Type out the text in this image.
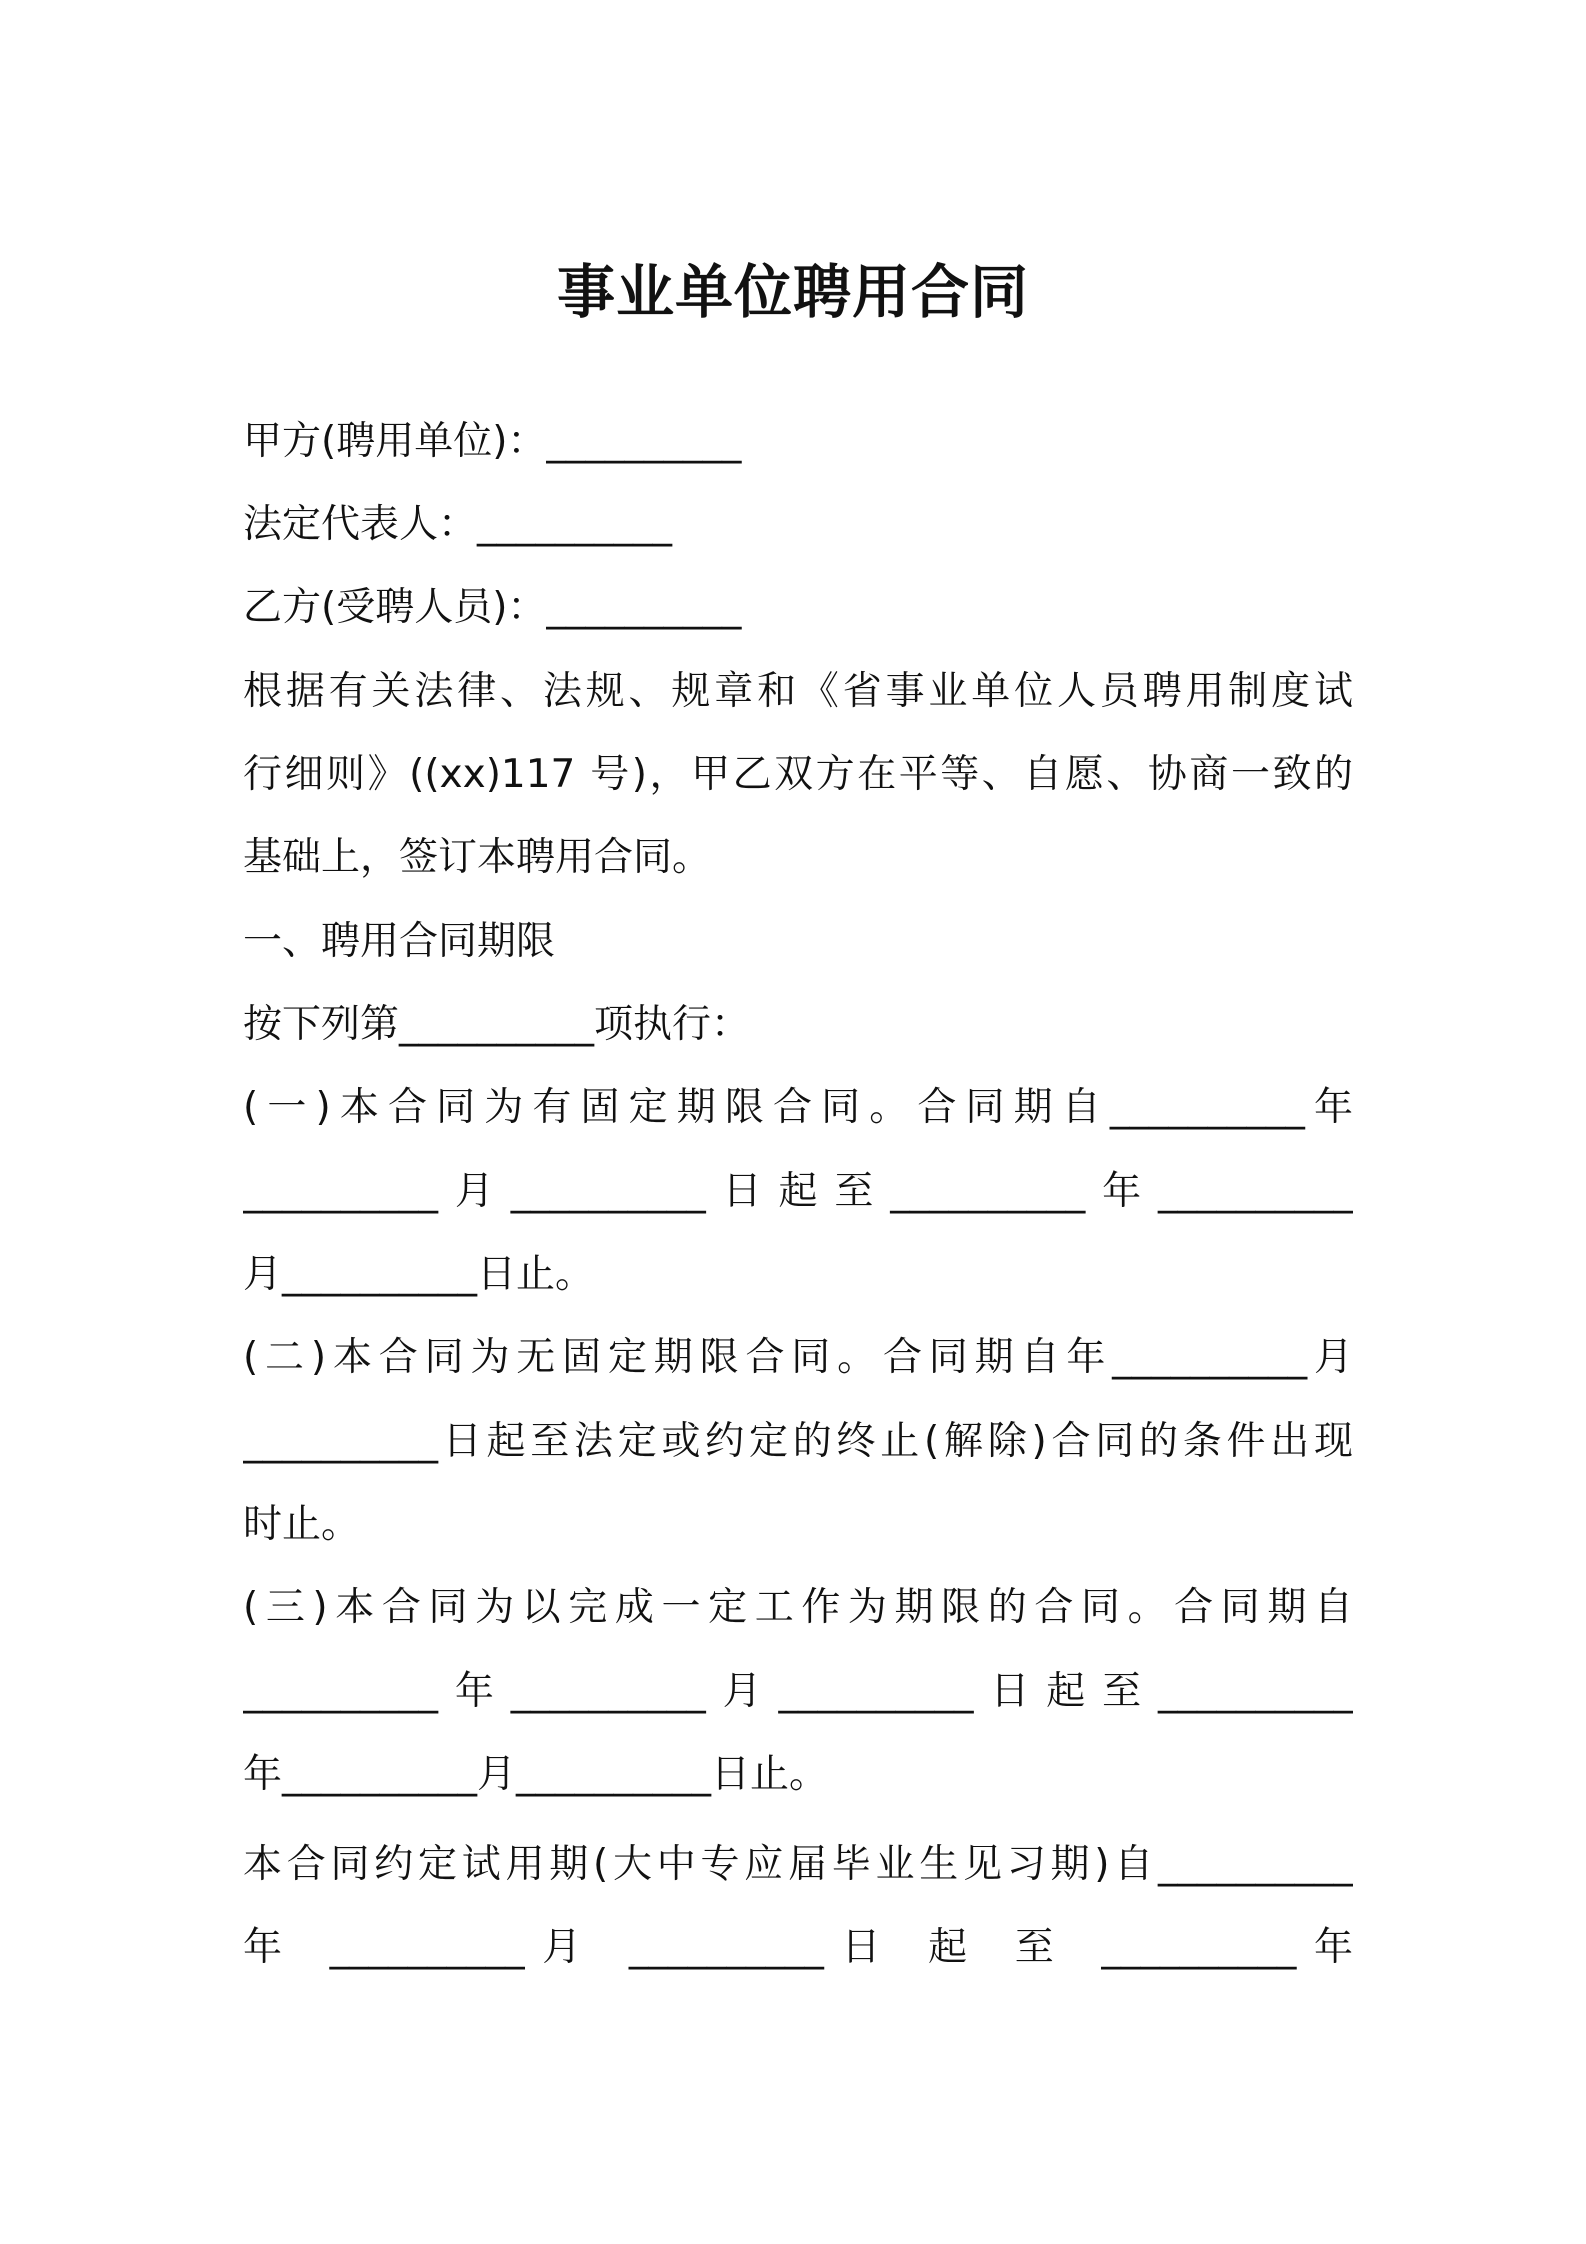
事业单位聘用合同
甲方(聘用单位)：__________
法定代表人：__________
乙方(受聘人员)：__________
根据有关法律、法规、规章和《省事业单位人员聘用制度试
行细则》((xx)117 号)，甲乙双方在平等、自愿、协商一致的
基础上，签订本聘用合同。
一、聘用合同期限
按下列第__________项执行：
(一)本合同为有固定期限合同。合同期自__________年
__________月__________日起至__________年__________
月__________日止。
(二)本合同为无固定期限合同。合同期自年__________月
__________日起至法定或约定的终止(解除)合同的条件出现
时止。
(三)本合同为以完成一定工作为期限的合同。合同期自
__________年__________月__________日起至__________
年__________月__________日止。
本合同约定试用期(大中专应届毕业生见习期)自__________
年 __________月 __________日 起 至 __________年
